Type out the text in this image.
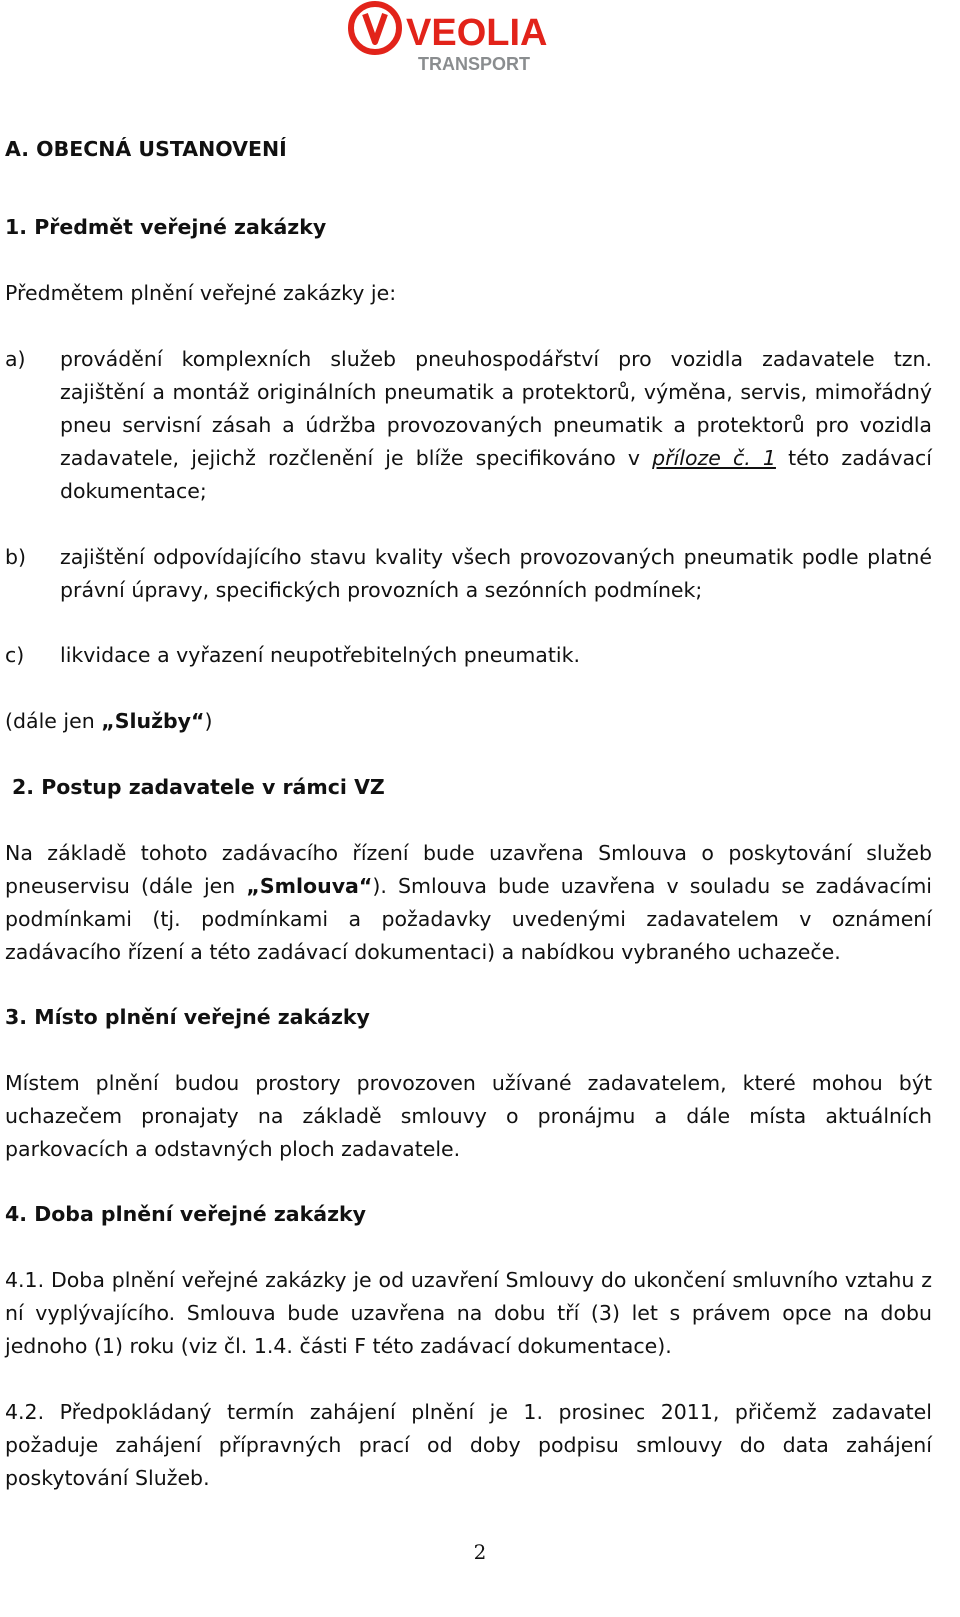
VEOLIA
TRANSPORT
A. OBECNÁ USTANOVENÍ
1. Předmět veřejné zakázky
Předmětem plnění veřejné zakázky je:
a) provádění komplexních služeb pneuhospodářství pro vozidla zadavatele tzn. zajištění a montáž originálních pneumatik a protektorů, výměna, servis, mimořádný pneu servisní zásah a údržba provozovaných pneumatik a protektorů pro vozidla zadavatele, jejichž rozčlenění je blíže specifikováno v příloze č. 1 této zadávací dokumentace;
b) zajištění odpovídajícího stavu kvality všech provozovaných pneumatik podle platné právní úpravy, specifických provozních a sezónních podmínek;
c) likvidace a vyřazení neupotřebitelných pneumatik.
(dále jen „Služby“)
2. Postup zadavatele v rámci VZ
Na základě tohoto zadávacího řízení bude uzavřena Smlouva o poskytování služeb pneuservisu (dále jen „Smlouva“). Smlouva bude uzavřena v souladu se zadávacími podmínkami (tj. podmínkami a požadavky uvedenými zadavatelem v oznámení zadávacího řízení a této zadávací dokumentaci) a nabídkou vybraného uchazeče.
3. Místo plnění veřejné zakázky
Místem plnění budou prostory provozoven užívané zadavatelem, které mohou být uchazečem pronajaty na základě smlouvy o pronájmu a dále místa aktuálních parkovacích a odstavných ploch zadavatele.
4. Doba plnění veřejné zakázky
4.1. Doba plnění veřejné zakázky je od uzavření Smlouvy do ukončení smluvního vztahu z ní vyplývajícího. Smlouva bude uzavřena na dobu tří (3) let s právem opce na dobu jednoho (1) roku (viz čl. 1.4. části F této zadávací dokumentace).
4.2. Předpokládaný termín zahájení plnění je 1. prosinec 2011, přičemž zadavatel požaduje zahájení přípravných prací od doby podpisu smlouvy do data zahájení poskytování Služeb.
2
